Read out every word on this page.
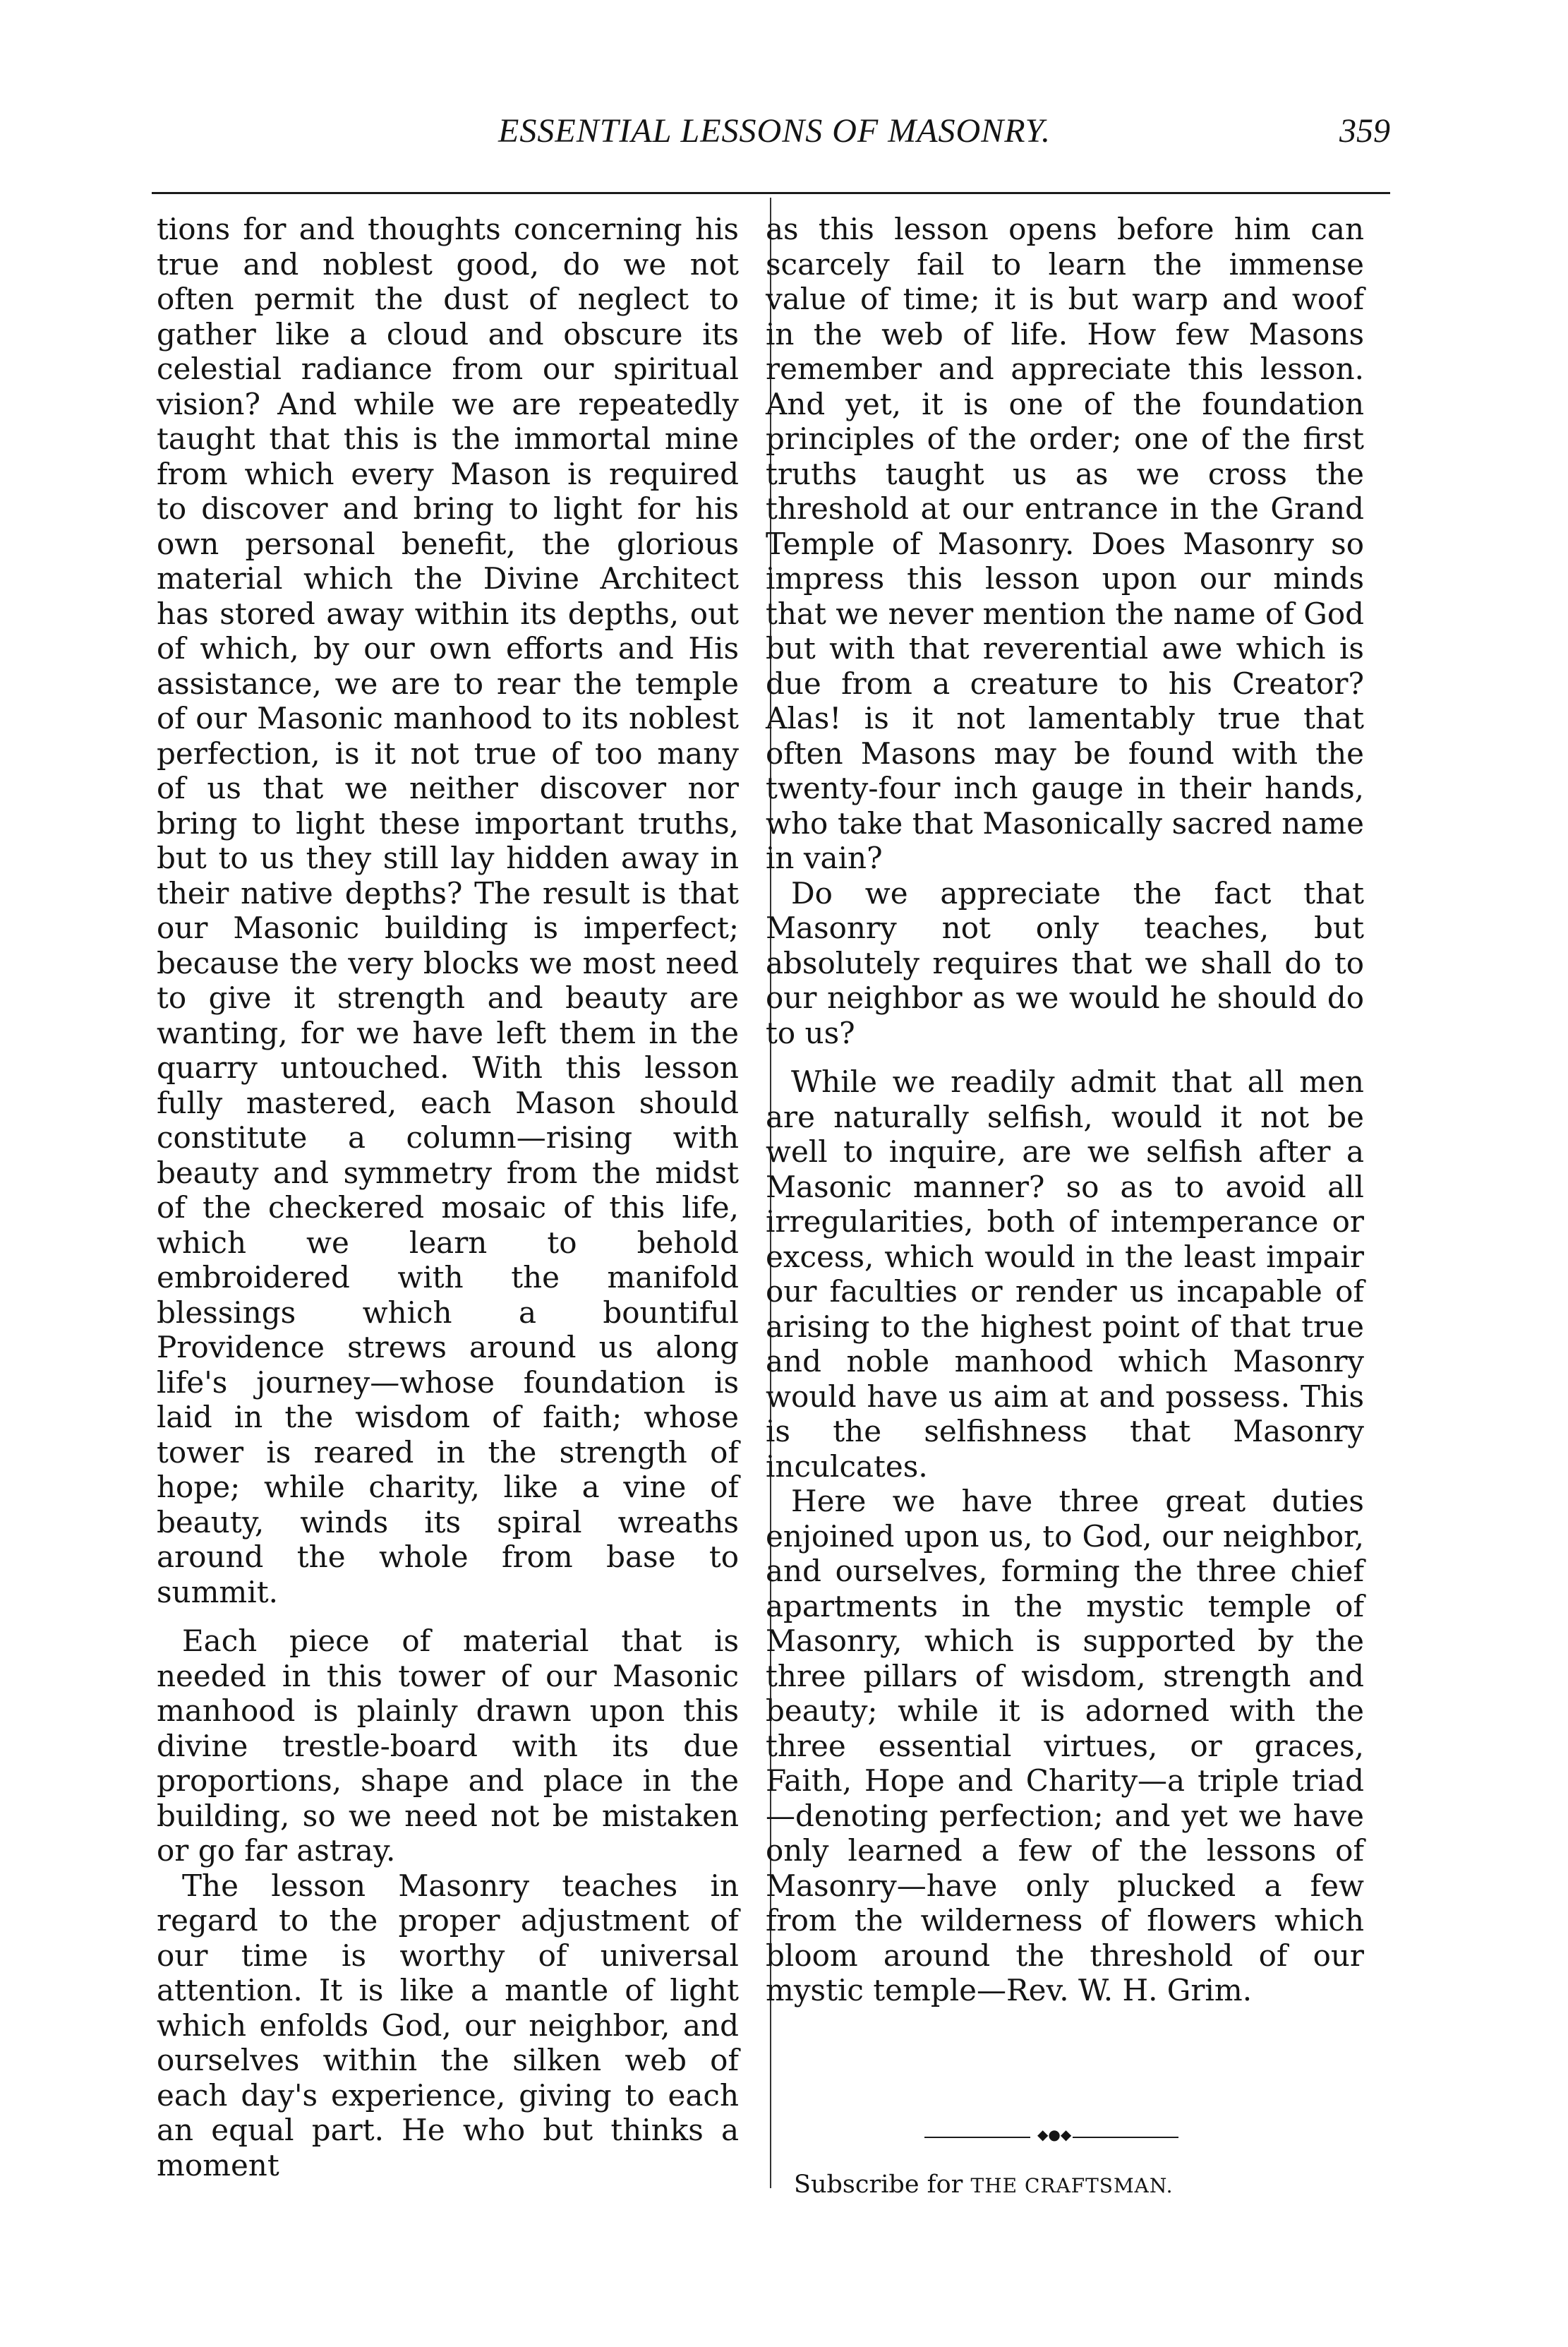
ESSENTIAL LESSONS OF MASONRY.	359

tions for and thoughts concerning his true and noblest good, do we not often permit the dust of neglect to gather like a cloud and obscure its celestial radiance from our spiritual vision? And while we are repeatedly taught that this is the immortal mine from which every Mason is required to discover and bring to light for his own personal benefit, the glorious material which the Divine Architect has stored away within its depths, out of which, by our own efforts and His assistance, we are to rear the temple of our Masonic manhood to its noblest perfection, is it not true of too many of us that we neither discover nor bring to light these important truths, but to us they still lay hidden away in their native depths? The result is that our Masonic building is imperfect; because the very blocks we most need to give it strength and beauty are wanting, for we have left them in the quarry untouched. With this lesson fully mastered, each Mason should constitute a column—rising with beauty and symmetry from the midst of the checkered mosaic of this life, which we learn to behold embroidered with the manifold blessings which a bountiful Providence strews around us along life's journey—whose foundation is laid in the wisdom of faith; whose tower is reared in the strength of hope; while charity, like a vine of beauty, winds its spiral wreaths around the whole from base to summit.

Each piece of material that is needed in this tower of our Masonic manhood is plainly drawn upon this divine trestle-board with its due proportions, shape and place in the building, so we need not be mistaken or go far astray.

The lesson Masonry teaches in regard to the proper adjustment of our time is worthy of universal attention. It is like a mantle of light which enfolds God, our neighbor, and ourselves within the silken web of each day's experience, giving to each an equal part. He who but thinks a moment

as this lesson opens before him can scarcely fail to learn the immense value of time; it is but warp and woof in the web of life. How few Masons remember and appreciate this lesson. And yet, it is one of the foundation principles of the order; one of the first truths taught us as we cross the threshold at our entrance in the Grand Temple of Masonry. Does Masonry so impress this lesson upon our minds that we never mention the name of God but with that reverential awe which is due from a creature to his Creator? Alas! is it not lamentably true that often Masons may be found with the twenty-four inch gauge in their hands, who take that Masonically sacred name in vain?

Do we appreciate the fact that Masonry not only teaches, but absolutely requires that we shall do to our neighbor as we would he should do to us?

While we readily admit that all men are naturally selfish, would it not be well to inquire, are we selfish after a Masonic manner? so as to avoid all irregularities, both of intemperance or excess, which would in the least impair our faculties or render us incapable of arising to the highest point of that true and noble manhood which Masonry would have us aim at and possess. This is the selfishness that Masonry inculcates.

Here we have three great duties enjoined upon us, to God, our neighbor, and ourselves, forming the three chief apartments in the mystic temple of Masonry, which is supported by the three pillars of wisdom, strength and beauty; while it is adorned with the three essential virtues, or graces, Faith, Hope and Charity—a triple triad—denoting perfection; and yet we have only learned a few of the lessons of Masonry—have only plucked a few from the wilderness of flowers which bloom around the threshold of our mystic temple—Rev. W. H. Grim.

◆●◆
Subscribe for THE CRAFTSMAN.
